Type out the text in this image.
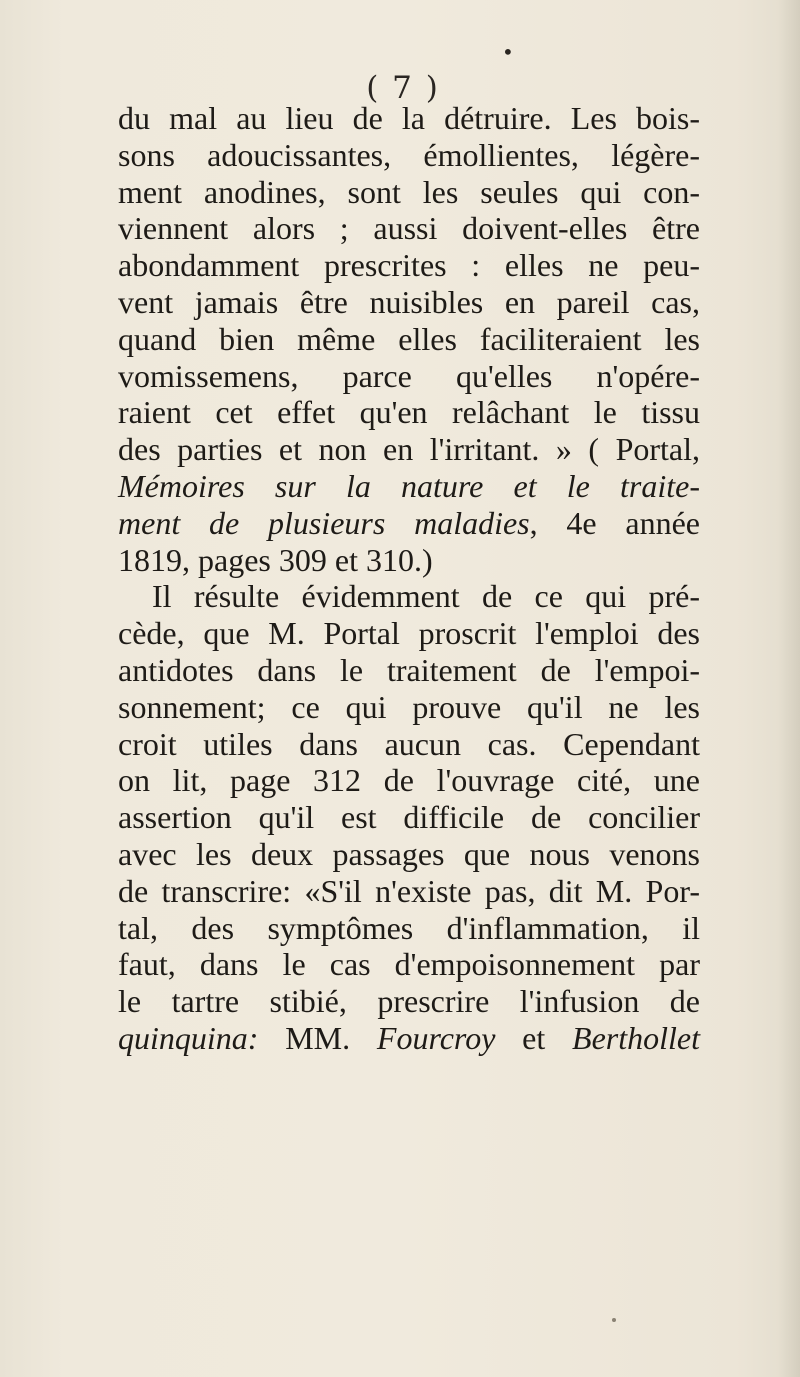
•
( 7 )
du mal au lieu de la détruire. Les bois-
sons adoucissantes, émollientes, légère-
ment anodines, sont les seules qui con-
viennent alors ; aussi doivent-elles être
abondamment prescrites : elles ne peu-
vent jamais être nuisibles en pareil cas,
quand bien même elles faciliteraient les
vomissemens, parce qu'elles n'opére-
raient cet effet qu'en relâchant le tissu
des parties et non en l'irritant. » ( Portal,
Mémoires sur la nature et le traite-
ment de plusieurs maladies, 4e année
1819, pages 309 et 310.)
Il résulte évidemment de ce qui pré-
cède, que M. Portal proscrit l'emploi des
antidotes dans le traitement de l'empoi-
sonnement; ce qui prouve qu'il ne les
croit utiles dans aucun cas. Cependant
on lit, page 312 de l'ouvrage cité, une
assertion qu'il est difficile de concilier
avec les deux passages que nous venons
de transcrire: «S'il n'existe pas, dit M. Por-
tal, des symptômes d'inflammation, il
faut, dans le cas d'empoisonnement par
le tartre stibié, prescrire l'infusion de
quinquina: MM. Fourcroy et Berthollet
